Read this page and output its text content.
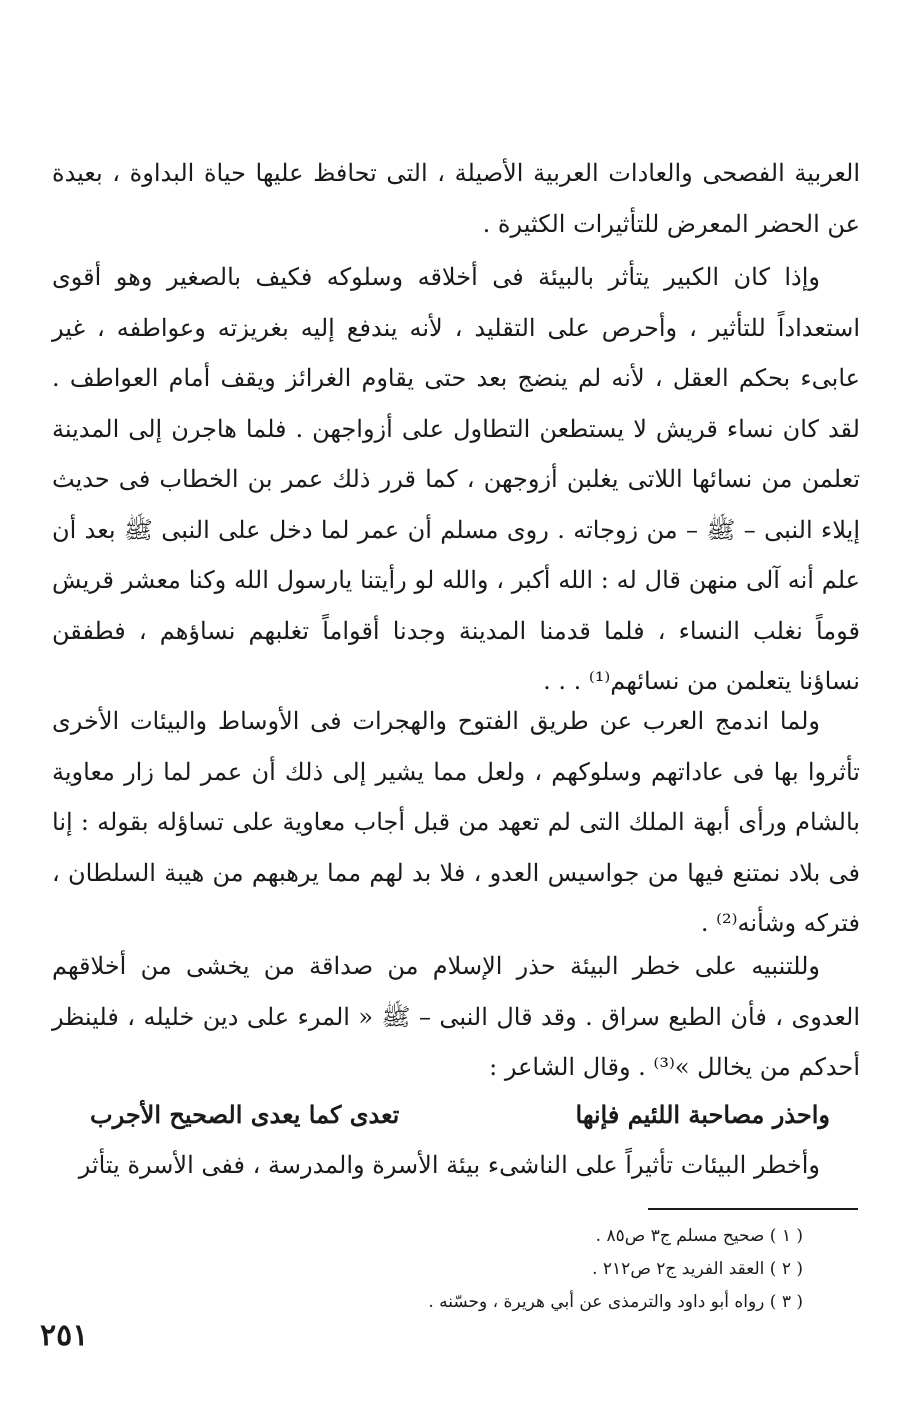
العربية الفصحى والعادات العربية الأصيلة ، التى تحافظ عليها حياة البداوة ، بعيدة عن الحضر المعرض للتأثيرات الكثيرة .

وإذا كان الكبير يتأثر بالبيئة فى أخلاقه وسلوكه فكيف بالصغير وهو أقوى استعداداً للتأثير ، وأحرص على التقليد ، لأنه يندفع إليه بغريزته وعواطفه ، غير عابىء بحكم العقل ، لأنه لم ينضج بعد حتى يقاوم الغرائز ويقف أمام العواطف . لقد كان نساء قريش لا يستطعن التطاول على أزواجهن . فلما هاجرن إلى المدينة تعلمن من نسائها اللاتى يغلبن أزوجهن ، كما قرر ذلك عمر بن الخطاب فى حديث إيلاء النبى – ﷺ – من زوجاته . روى مسلم أن عمر لما دخل على النبى ﷺ بعد أن علم أنه آلى منهن قال له : الله أكبر ، والله لو رأيتنا يارسول الله وكنا معشر قريش قوماً نغلب النساء ، فلما قدمنا المدينة وجدنا أقواماً تغلبهم نساؤهم ، فطفقن نساؤنا يتعلمن من نسائهم⁽¹⁾ . . .

ولما اندمج العرب عن طريق الفتوح والهجرات فى الأوساط والبيئات الأخرى تأثروا بها فى عاداتهم وسلوكهم ، ولعل مما يشير إلى ذلك أن عمر لما زار معاوية بالشام ورأى أبهة الملك التى لم تعهد من قبل أجاب معاوية على تساؤله بقوله : إنا فى بلاد نمتنع فيها من جواسيس العدو ، فلا بد لهم مما يرهبهم من هيبة السلطان ، فتركه وشأنه⁽²⁾ .

وللتنبيه على خطر البيئة حذر الإسلام من صداقة من يخشى من أخلاقهم العدوى ، فأن الطبع سراق . وقد قال النبى – ﷺ « المرء على دين خليله ، فلينظر أحدكم من يخالل »⁽³⁾ . وقال الشاعر :

واحذر مصاحبة اللئيم فإنها
تعدى كما يعدى الصحيح الأجرب

وأخطر البيئات تأثيراً على الناشىء بيئة الأسرة والمدرسة ، ففى الأسرة يتأثر

( ١ ) صحيح مسلم ج٣ ص٨٥ .

( ٢ ) العقد الفريد ج٢ ص٢١٢ .

( ٣ ) رواه أبو داود والترمذى عن أبي هريرة ، وحسّنه .

٢٥١
